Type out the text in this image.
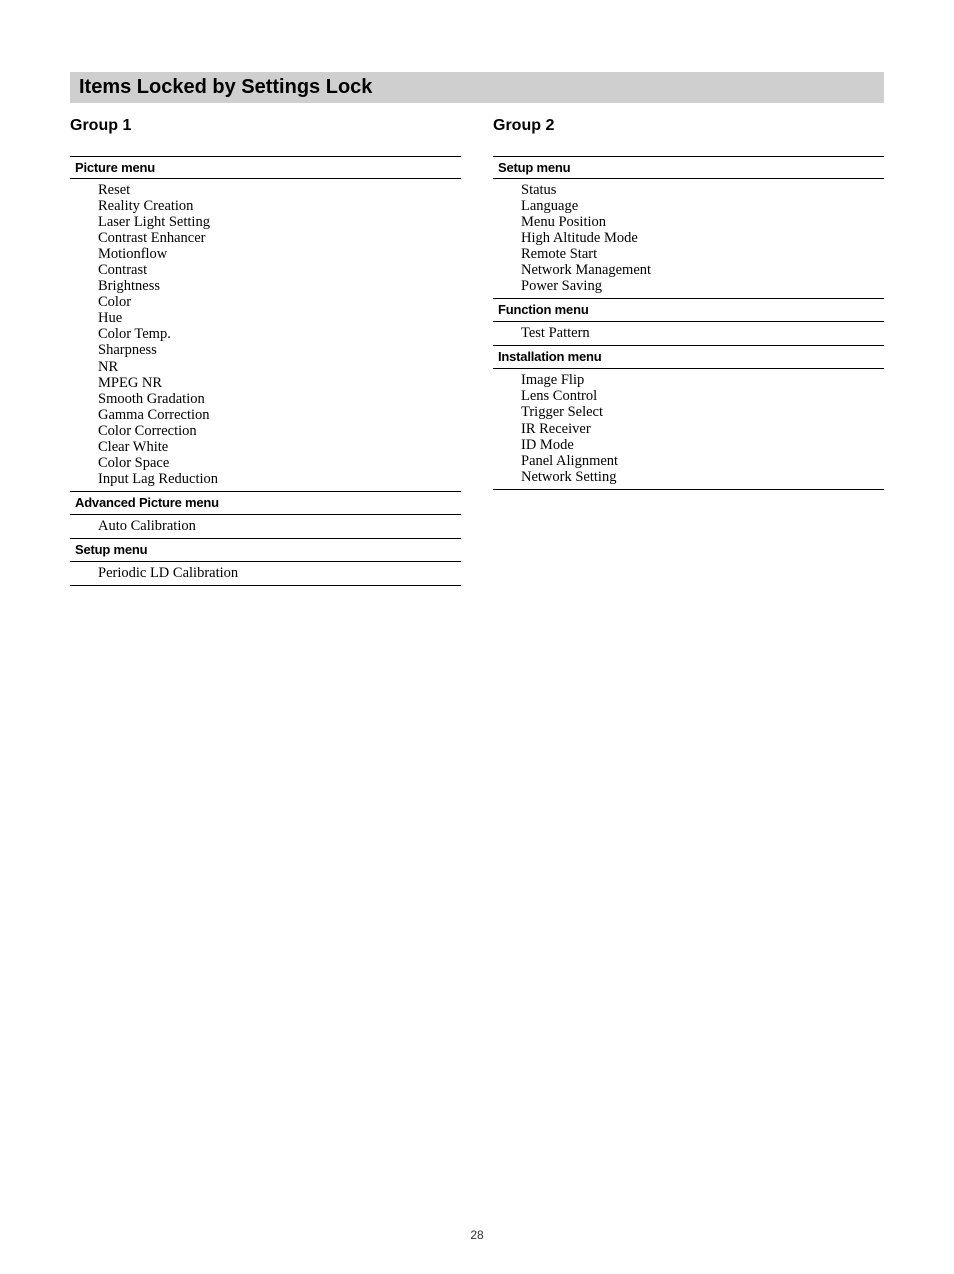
Items Locked by Settings Lock
Group 1
Picture menu
Reset
Reality Creation
Laser Light Setting
Contrast Enhancer
Motionflow
Contrast
Brightness
Color
Hue
Color Temp.
Sharpness
NR
MPEG NR
Smooth Gradation
Gamma Correction
Color Correction
Clear White
Color Space
Input Lag Reduction
Advanced Picture menu
Auto Calibration
Setup menu
Periodic LD Calibration
Group 2
Setup menu
Status
Language
Menu Position
High Altitude Mode
Remote Start
Network Management
Power Saving
Function menu
Test Pattern
Installation menu
Image Flip
Lens Control
Trigger Select
IR Receiver
ID Mode
Panel Alignment
Network Setting
28
